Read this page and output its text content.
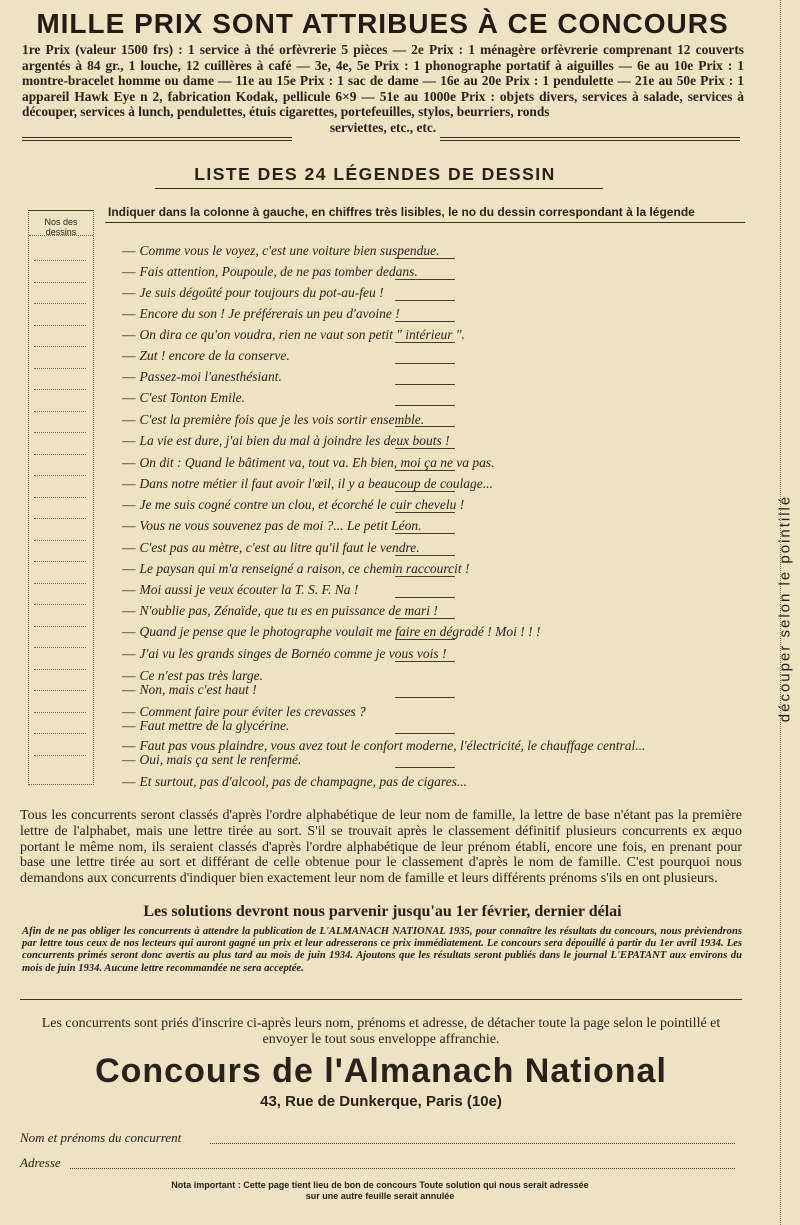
MILLE PRIX SONT ATTRIBUES À CE CONCOURS
1re Prix (valeur 1500 frs) : 1 service à thé orfèvrerie 5 pièces — 2e Prix : 1 ménagère orfèvrerie comprenant 12 couverts argentés à 84 gr., 1 louche, 12 cuillères à café — 3e, 4e, 5e Prix : 1 phonographe portatif à aiguilles — 6e au 10e Prix : 1 montre-bracelet homme ou dame — 11e au 15e Prix : 1 sac de dame — 16e au 20e Prix : 1 pendulette — 21e au 50e Prix : 1 appareil Hawk Eye n 2, fabrication Kodak, pellicule 6×9 — 51e au 1000e Prix : objets divers, services à salade, services à découper, services à lunch, pendulettes, étuis cigarettes, portefeuilles, stylos, beurriers, ronds
serviettes, etc., etc.
LISTE DES 24 LÉGENDES DE DESSIN
Nos des dessins
Indiquer dans la colonne à gauche, en chiffres très lisibles, le no du dessin correspondant à la légende
— Comme vous le voyez, c'est une voiture bien suspendue.
— Fais attention, Poupoule, de ne pas tomber dedans.
— Je suis dégoûté pour toujours du pot-au-feu !
— Encore du son ! Je préférerais un peu d'avoine !
— On dira ce qu'on voudra, rien ne vaut son petit " intérieur ".
— Zut ! encore de la conserve.
— Passez-moi l'anesthésiant.
— C'est Tonton Emile.
— C'est la première fois que je les vois sortir ensemble.
— La vie est dure, j'ai bien du mal à joindre les deux bouts !
— On dit : Quand le bâtiment va, tout va. Eh bien, moi ça ne va pas.
— Dans notre métier il faut avoir l'œil, il y a beaucoup de coulage...
— Je me suis cogné contre un clou, et écorché le cuir chevelu !
— Vous ne vous souvenez pas de moi ?... Le petit Léon.
— C'est pas au mètre, c'est au litre qu'il faut le vendre.
— Le paysan qui m'a renseigné a raison, ce chemin raccourcit !
— Moi aussi je veux écouter la T. S. F. Na !
— N'oublie pas, Zénaïde, que tu es en puissance de mari !
— Quand je pense que le photographe voulait me faire en dégradé ! Moi ! ! !
— J'ai vu les grands singes de Bornéo comme je vous vois !
— Ce n'est pas très large.
— Non, mais c'est haut !
— Comment faire pour éviter les crevasses ?
— Faut mettre de la glycérine.
— Faut pas vous plaindre, vous avez tout le confort moderne, l'électricité, le chauffage central...
— Oui, mais ça sent le renfermé.
— Et surtout, pas d'alcool, pas de champagne, pas de cigares...
découper selon le pointillé
Tous les concurrents seront classés d'après l'ordre alphabétique de leur nom de famille, la lettre de base n'étant pas la première lettre de l'alphabet, mais une lettre tirée au sort. S'il se trouvait après le classement définitif plusieurs concurrents ex æquo portant le même nom, ils seraient classés d'après l'ordre alphabétique de leur prénom établi, encore une fois, en prenant pour base une lettre tirée au sort et différant de celle obtenue pour le classement d'après le nom de famille. C'est pourquoi nous demandons aux concurrents d'indiquer bien exactement leur nom de famille et leurs différents prénoms s'ils en ont plusieurs.
Les solutions devront nous parvenir jusqu'au 1er février, dernier délai
Afin de ne pas obliger les concurrents à attendre la publication de L'ALMANACH NATIONAL 1935, pour connaître les résultats du concours, nous préviendrons par lettre tous ceux de nos lecteurs qui auront gagné un prix et leur adresserons ce prix immédiatement. Le concours sera dépouillé à partir du 1er avril 1934. Les concurrents primés seront donc avertis au plus tard au mois de juin 1934. Ajoutons que les résultats seront publiés dans le journal L'EPATANT aux environs du mois de juin 1934. Aucune lettre recommandée ne sera acceptée.
Les concurrents sont priés d'inscrire ci-après leurs nom, prénoms et adresse, de détacher toute la page selon le pointillé et envoyer le tout sous enveloppe affranchie.
Concours de l'Almanach National
43, Rue de Dunkerque, Paris (10e)
Nom et prénoms du concurrent
Adresse
Nota important : Cette page tient lieu de bon de concours Toute solution qui nous serait adressée
sur une autre feuille serait annulée
